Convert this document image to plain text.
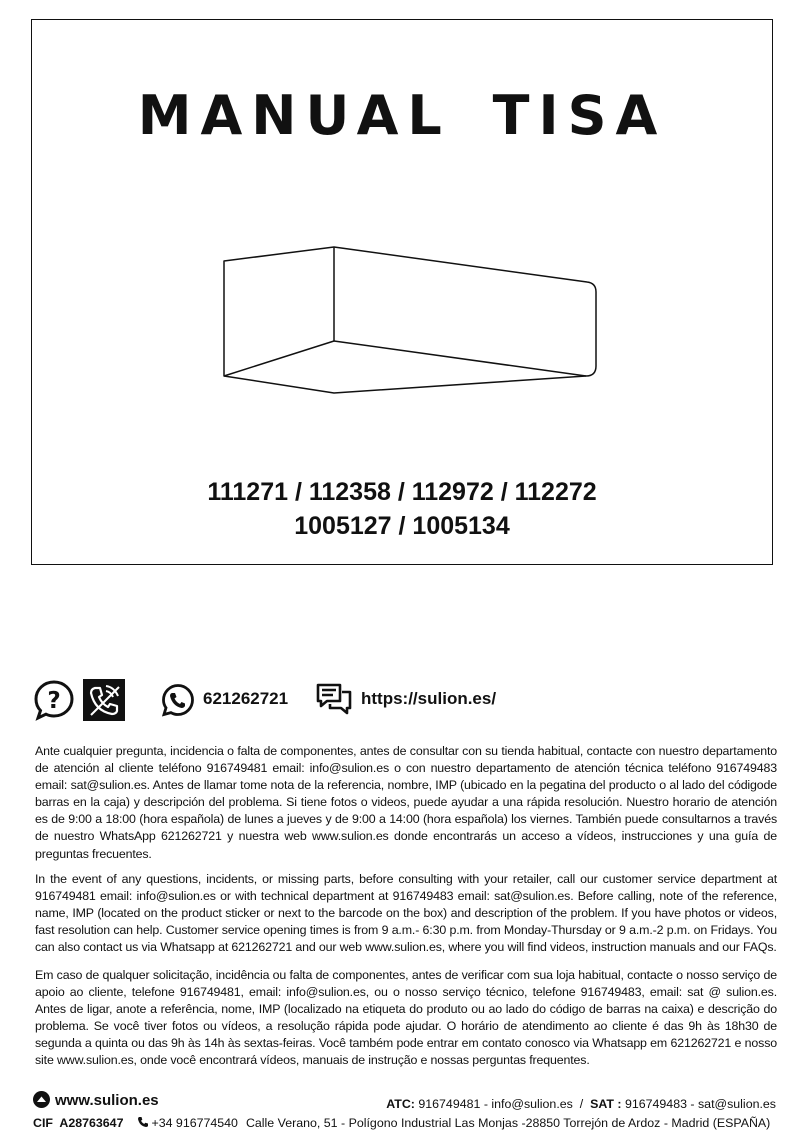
MANUAL TISA
111271 / 112358 / 112972 / 112272
1005127 / 1005134
?	621262721	https://sulion.es/

Ante cualquier pregunta, incidencia o falta de componentes, antes de consultar con su tienda habitual, contacte con nuestro departamento de atención al cliente teléfono 916749481 email: info@sulion.es o con nuestro departamento de atención técnica teléfono 916749483 email: sat@sulion.es. Antes de llamar tome nota de la referencia, nombre, IMP (ubicado en la pegatina del producto o al lado del códigode barras en la caja) y descripción del problema. Si tiene fotos o videos, puede ayudar a una rápida resolución. Nuestro horario de atención es de 9:00 a 18:00 (hora española) de lunes a jueves y de 9:00 a 14:00 (hora española) los viernes. También puede consultarnos a través de nuestro WhatsApp 621262721 y nuestra web www.sulion.es donde encontrarás un acceso a vídeos, instrucciones y una guía de preguntas frecuentes.

In the event of any questions, incidents, or missing parts, before consulting with your retailer, call our customer service department at 916749481 email: info@sulion.es or with technical department at 916749483 email: sat@sulion.es. Before calling, note of the reference, name, IMP (located on the product sticker or next to the barcode on the box) and description of the problem. If you have photos or videos, fast resolution can help. Customer service opening times is from 9 a.m.- 6:30 p.m. from Monday-Thursday or 9 a.m.-2 p.m. on Fridays. You can also contact us via Whatsapp at 621262721 and our web www.sulion.es, where you will find videos, instruction manuals and our FAQs.

Em caso de qualquer solicitação, incidência ou falta de componentes, antes de verificar com sua loja habitual, contacte o nosso serviço de apoio ao cliente, telefone 916749481, email: info@sulion.es, ou o nosso serviço técnico, telefone 916749483, email: sat @ sulion.es. Antes de ligar, anote a referência, nome, IMP (localizado na etiqueta do produto ou ao lado do código de barras na caixa) e descrição do problema. Se você tiver fotos ou vídeos, a resolução rápida pode ajudar. O horário de atendimento ao cliente é das 9h às 18h30 de segunda a quinta ou das 9h às 14h às sextas-feiras. Você também pode entrar em contato conosco via Whatsapp em 621262721 e nosso site www.sulion.es, onde você encontrará vídeos, manuais de instrução e nossas perguntas frequentes.

www.sulion.es	ATC: 916749481 - info@sulion.es  /  SAT : 916749483 - sat@sulion.es
CIF  A28763647 +34 916774540 Calle Verano, 51 - Polígono Industrial Las Monjas -28850 Torrejón de Ardoz - Madrid (ESPAÑA)
